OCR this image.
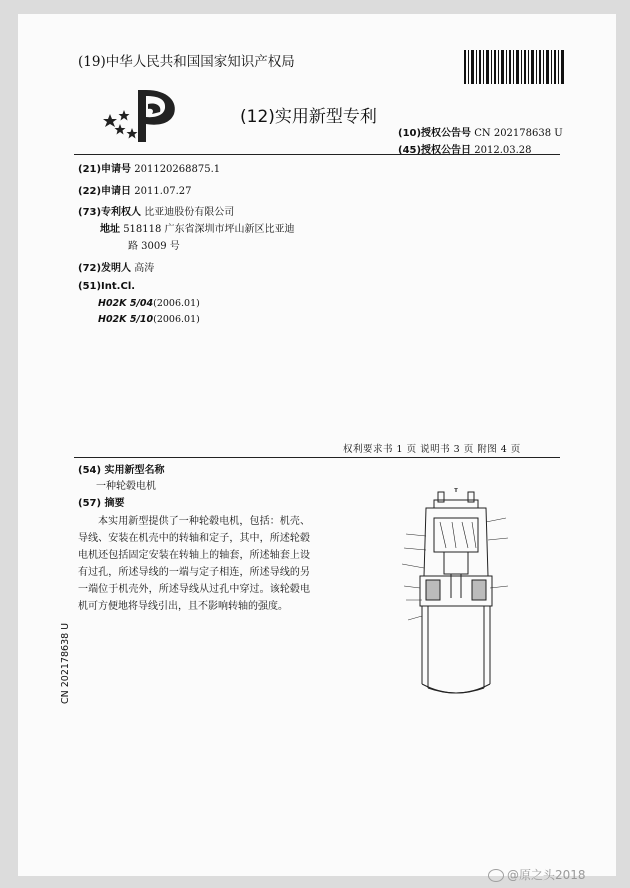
(19)中华人民共和国国家知识产权局
(12)实用新型专利
(10)授权公告号 CN 202178638 U
(45)授权公告日 2012.03.28
(21)申请号 201120268875.1
(22)申请日 2011.07.27
(73)专利权人 比亚迪股份有限公司
地址 518118 广东省深圳市坪山新区比亚迪
路 3009 号
(72)发明人 高涛
(51)Int.Cl.
H02K 5/04(2006.01)
H02K 5/10(2006.01)
权利要求书 1 页 说明书 3 页 附图 4 页
(54) 实用新型名称
一种轮毂电机
(57) 摘要
本实用新型提供了一种轮毂电机，包括：机壳、导线、安装在机壳中的转轴和定子，其中，所述轮毂电机还包括固定安装在转轴上的轴套，所述轴套上设有过孔，所述导线的一端与定子相连，所述导线的另一端位于机壳外，所述导线从过孔中穿过。该轮毂电机可方便地将导线引出，且不影响转轴的强度。
CN 202178638 U
@原之头2018
